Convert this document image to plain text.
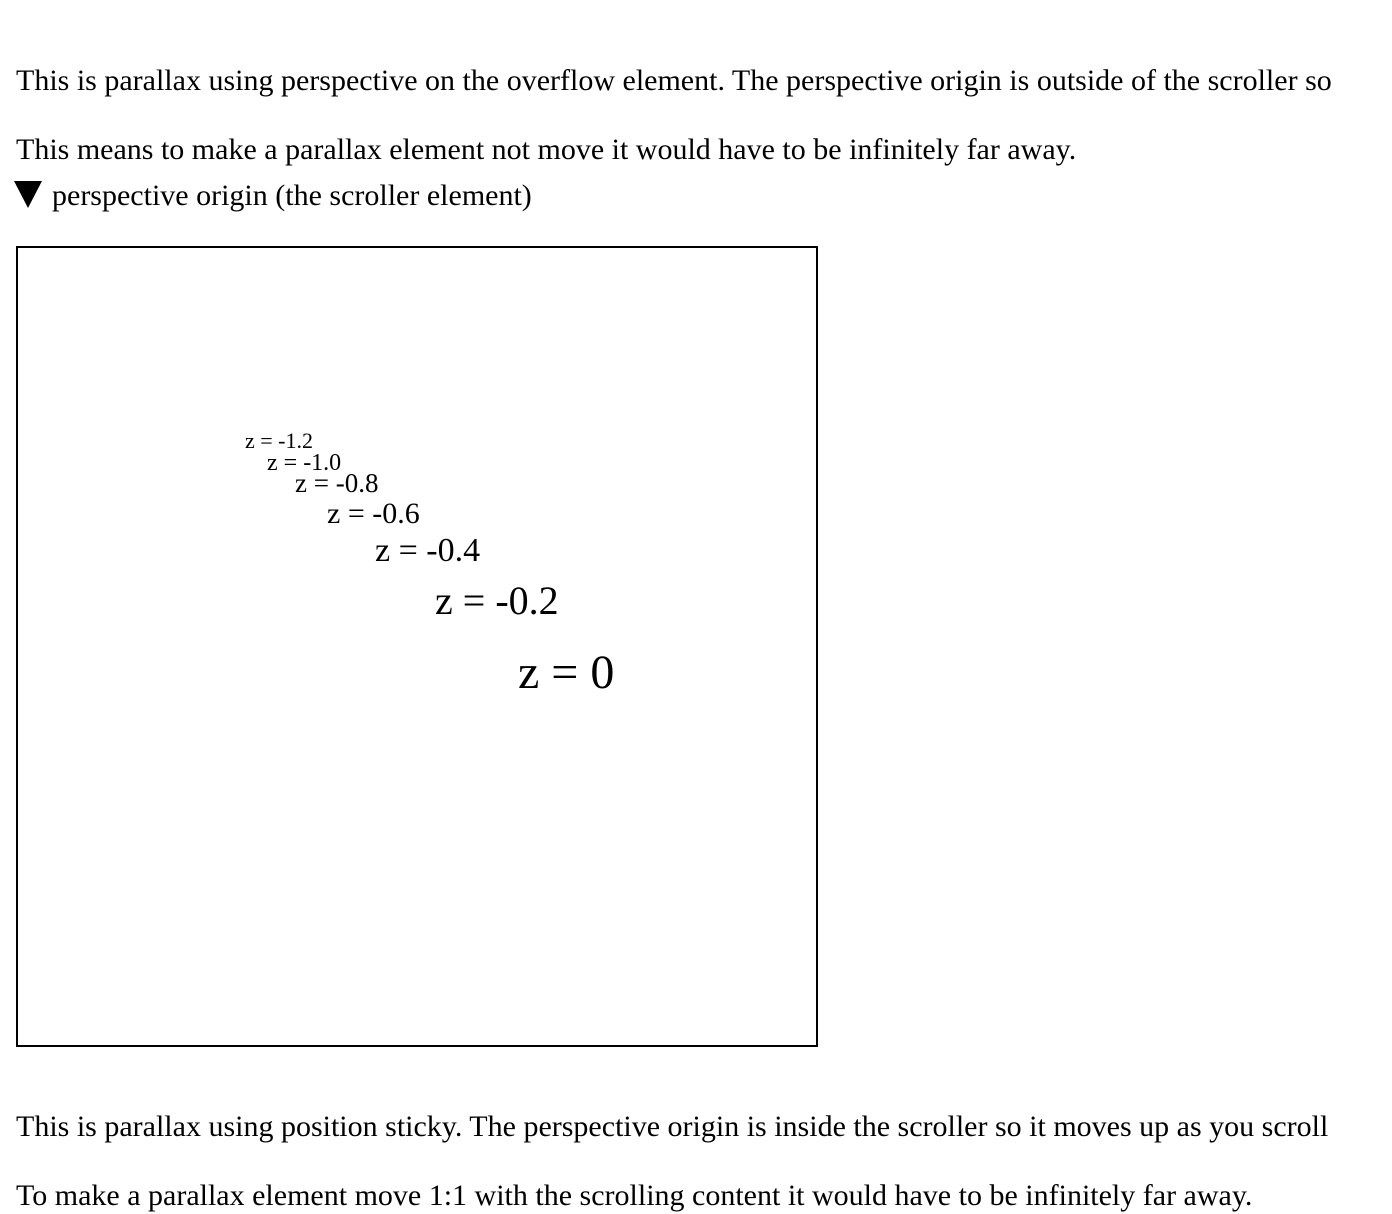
This is parallax using perspective on the overflow element. The perspective origin is outside of the scroller so

This means to make a parallax element not move it would have to be infinitely far away.

perspective origin (the scroller element)
z = -1.2
z = -1.0
z = -0.8
z = -0.6
z = -0.4
z = -0.2
z = 0

This is parallax using position sticky. The perspective origin is inside the scroller so it moves up as you scroll

To make a parallax element move 1:1 with the scrolling content it would have to be infinitely far away.
